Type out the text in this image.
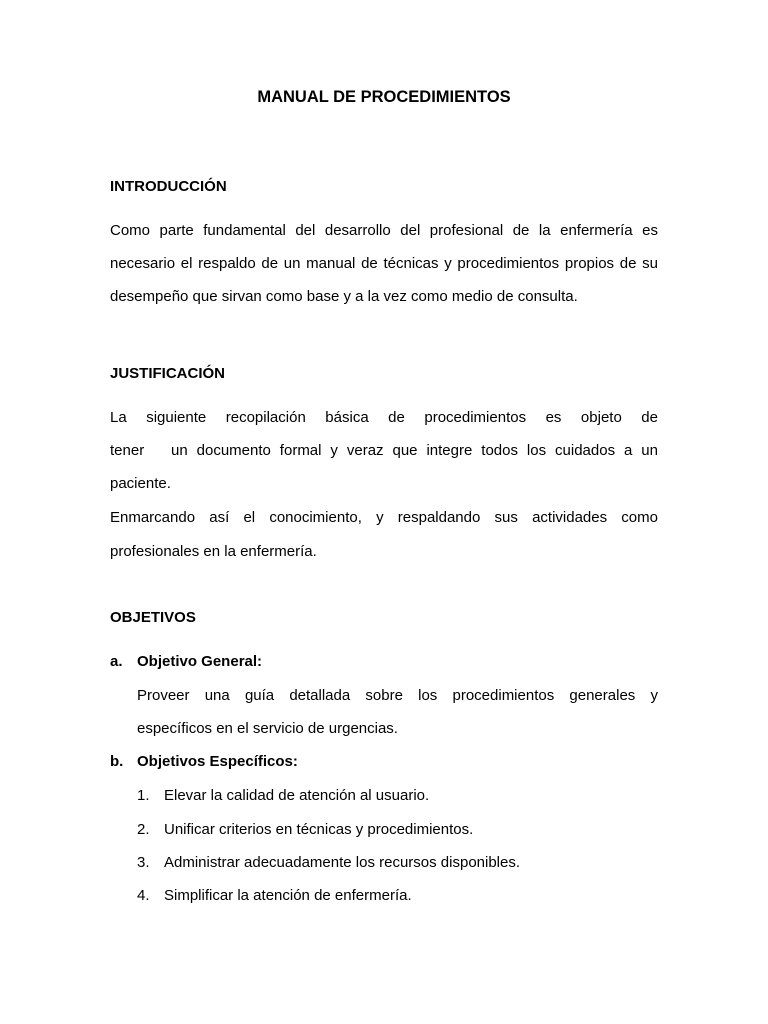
MANUAL DE PROCEDIMIENTOS

INTRODUCCIÓN

Como parte fundamental del desarrollo del profesional de la enfermería es

necesario el respaldo de un manual de técnicas y procedimientos propios de su

desempeño que sirvan como base y a la vez como medio de consulta.

JUSTIFICACIÓN

La siguiente recopilación básica de procedimientos es objeto de

tener   un documento formal y veraz que integre todos los cuidados a un

paciente.

Enmarcando así el conocimiento, y respaldando sus actividades como

profesionales en la enfermería.

OBJETIVOS

a. Objetivo General:

Proveer una guía detallada sobre los procedimientos generales y

específicos en el servicio de urgencias.

b. Objetivos Específicos:

1. Elevar la calidad de atención al usuario.

2. Unificar criterios en técnicas y procedimientos.

3. Administrar adecuadamente los recursos disponibles.

4. Simplificar la atención de enfermería.
